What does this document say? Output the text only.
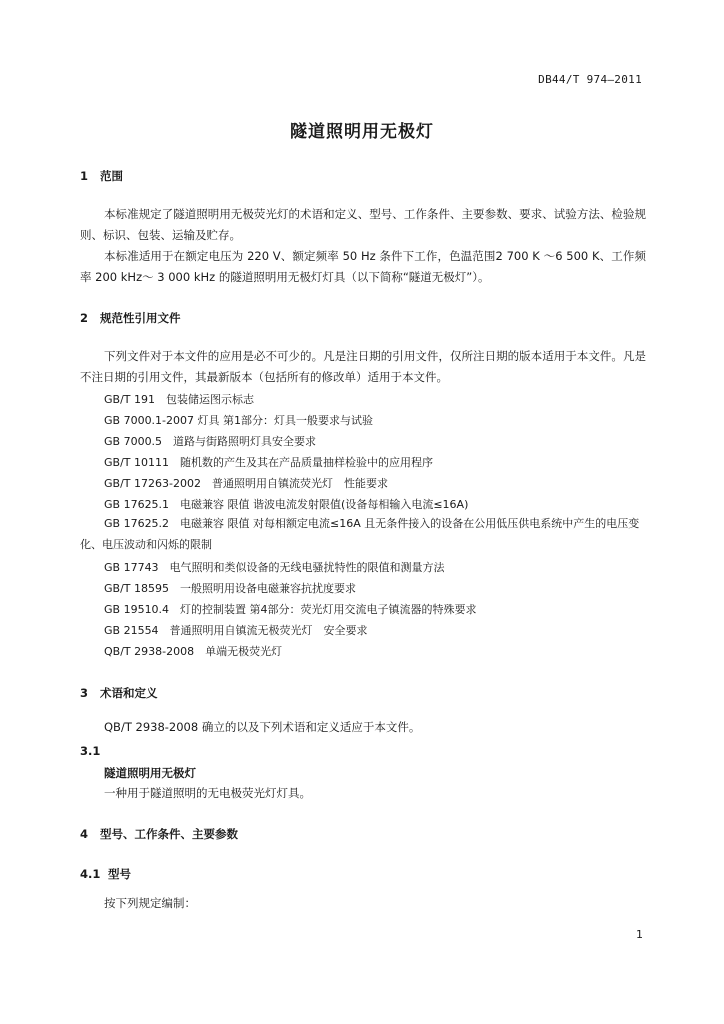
DB44/T 974—2011
隧道照明用无极灯
1 范围

本标准规定了隧道照明用无极荧光灯的术语和定义、型号、工作条件、主要参数、要求、试验方法、检验规则、标识、包装、运输及贮存。

本标准适用于在额定电压为 220 V、额定频率 50 Hz 条件下工作，色温范围2 700 K ～6 500 K、工作频率 200 kHz～ 3 000 kHz 的隧道照明用无极灯灯具（以下简称“隧道无极灯”）。

2 规范性引用文件

下列文件对于本文件的应用是必不可少的。凡是注日期的引用文件，仅所注日期的版本适用于本文件。凡是不注日期的引用文件，其最新版本（包括所有的修改单）适用于本文件。

GB/T 191　包装储运图示标志
GB 7000.1-2007 灯具 第1部分：灯具一般要求与试验
GB 7000.5　道路与街路照明灯具安全要求
GB/T 10111　随机数的产生及其在产品质量抽样检验中的应用程序
GB/T 17263-2002　普通照明用自镇流荧光灯　性能要求
GB 17625.1　电磁兼容 限值 谐波电流发射限值(设备每相输入电流≤16A)

GB 17625.2　电磁兼容 限值 对每相额定电流≤16A 且无条件接入的设备在公用低压供电系统中产生的电压变化、电压波动和闪烁的限制

GB 17743　电气照明和类似设备的无线电骚扰特性的限值和测量方法
GB/T 18595　一般照明用设备电磁兼容抗扰度要求
GB 19510.4　灯的控制装置 第4部分：荧光灯用交流电子镇流器的特殊要求
GB 21554　普通照明用自镇流无极荧光灯　安全要求
QB/T 2938-2008　单端无极荧光灯
3 术语和定义

QB/T 2938-2008 确立的以及下列术语和定义适应于本文件。

3.1
隧道照明用无极灯
一种用于隧道照明的无电极荧光灯灯具。
4 型号、工作条件、主要参数
4.1 型号
按下列规定编制：
1
